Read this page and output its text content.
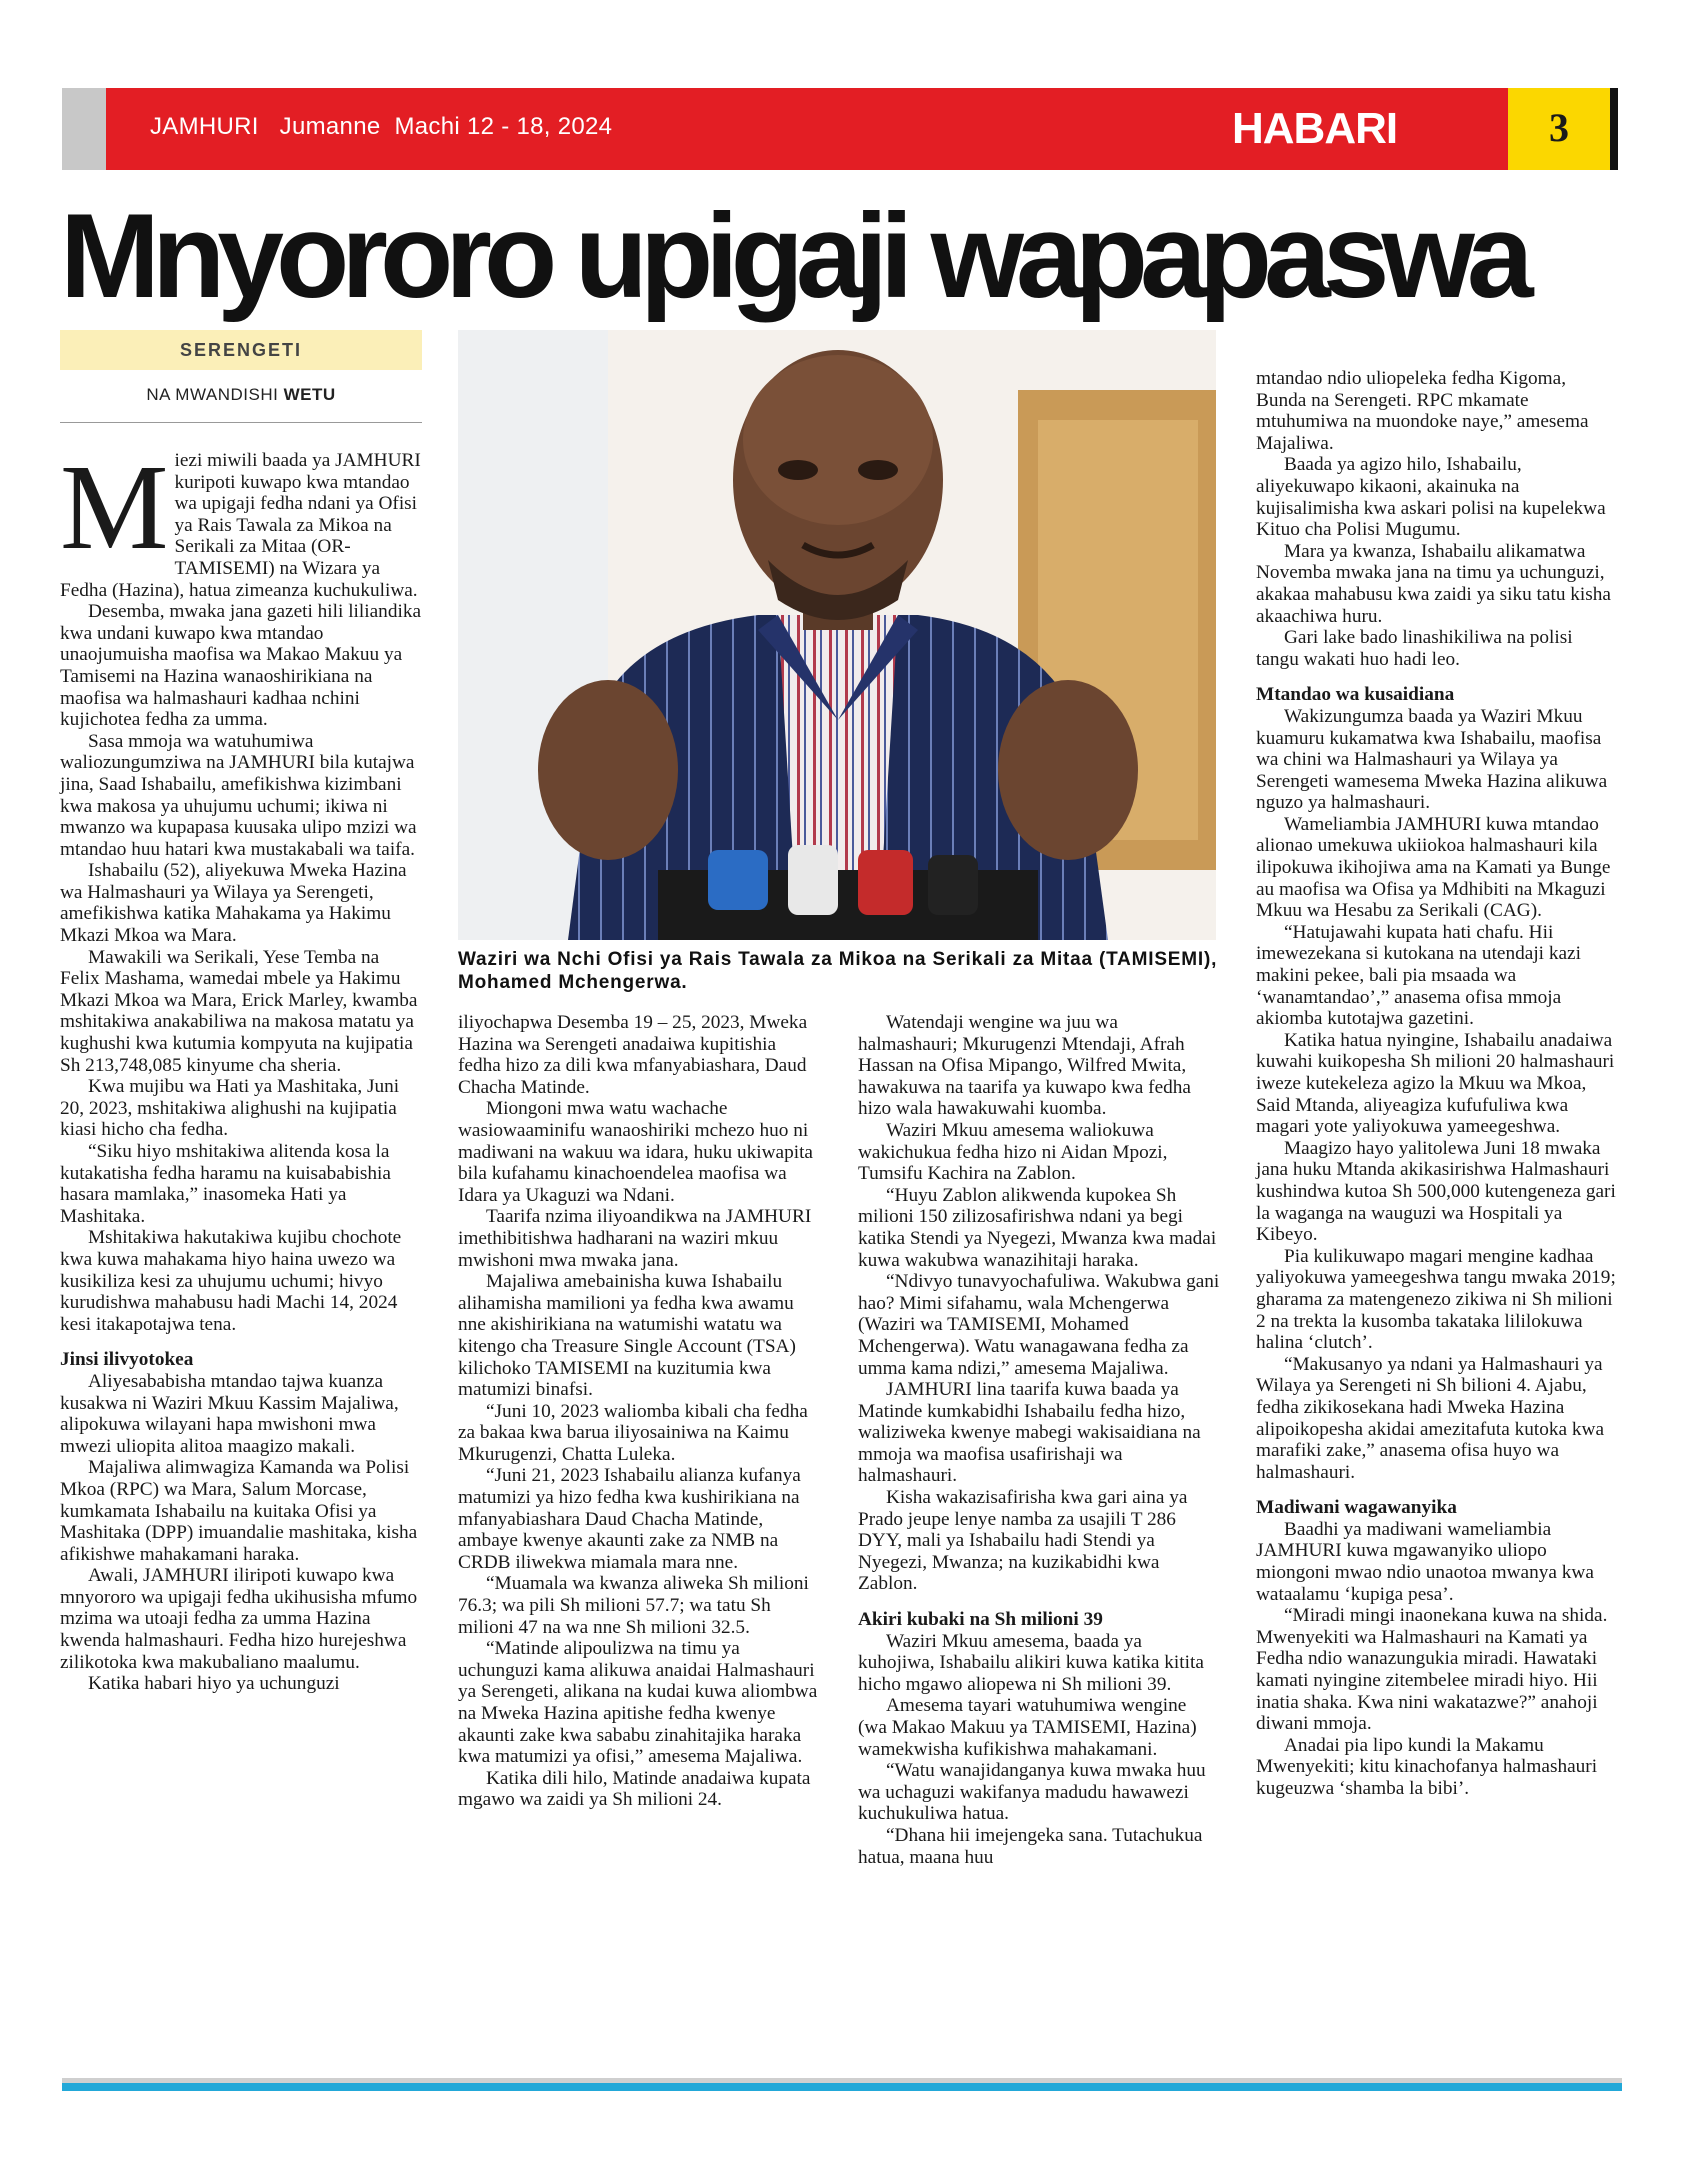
JAMHURI Jumanne Machi 12 - 18, 2024	HABARI	3
Mnyororo upigaji wapapaswa
SERENGETI
NA MWANDISHI WETU

Miezi miwili baada ya JAMHURI kuripoti kuwapo kwa mtandao wa upigaji fedha ndani ya Ofisi ya Rais Tawala za Mikoa na Serikali za Mitaa (OR-TAMISEMI) na Wizara ya Fedha (Hazina), hatua zimeanza kuchukuliwa.

Desemba, mwaka jana gazeti hili liliandika kwa undani kuwapo kwa mtandao unaojumuisha maofisa wa Makao Makuu ya Tamisemi na Hazina wanaoshirikiana na maofisa wa halmashauri kadhaa nchini kujichotea fedha za umma.

Sasa mmoja wa watuhumiwa waliozungumziwa na JAMHURI bila kutajwa jina, Saad Ishabailu, amefikishwa kizimbani kwa makosa ya uhujumu uchumi; ikiwa ni mwanzo wa kupapasa kuusaka ulipo mzizi wa mtandao huu hatari kwa mustakabali wa taifa.

Ishabailu (52), aliyekuwa Mweka Hazina wa Halmashauri ya Wilaya ya Serengeti, amefikishwa katika Mahakama ya Hakimu Mkazi Mkoa wa Mara.

Mawakili wa Serikali, Yese Temba na Felix Mashama, wamedai mbele ya Hakimu Mkazi Mkoa wa Mara, Erick Marley, kwamba mshitakiwa anakabiliwa na makosa matatu ya kughushi kwa kutumia kompyuta na kujipatia Sh 213,748,085 kinyume cha sheria.

Kwa mujibu wa Hati ya Mashitaka, Juni 20, 2023, mshitakiwa alighushi na kujipatia kiasi hicho cha fedha.

“Siku hiyo mshitakiwa alitenda kosa la kutakatisha fedha haramu na kuisababishia hasara mamlaka,” inasomeka Hati ya Mashitaka.

Mshitakiwa hakutakiwa kujibu chochote kwa kuwa mahakama hiyo haina uwezo wa kusikiliza kesi za uhujumu uchumi; hivyo kurudishwa mahabusu hadi Machi 14, 2024 kesi itakapotajwa tena.

Jinsi ilivyotokea

Aliyesababisha mtandao tajwa kuanza kusakwa ni Waziri Mkuu Kassim Majaliwa, alipokuwa wilayani hapa mwishoni mwa mwezi uliopita alitoa maagizo makali.

Majaliwa alimwagiza Kamanda wa Polisi Mkoa (RPC) wa Mara, Salum Morcase, kumkamata Ishabailu na kuitaka Ofisi ya Mashitaka (DPP) imuandalie mashitaka, kisha afikishwe mahakamani haraka.

Awali, JAMHURI iliripoti kuwapo kwa mnyororo wa upigaji fedha ukihusisha mfumo mzima wa utoaji fedha za umma Hazina kwenda halmashauri. Fedha hizo hurejeshwa zilikotoka kwa makubaliano maalumu.

Katika habari hiyo ya uchunguzi

Waziri wa Nchi Ofisi ya Rais Tawala za Mikoa na Serikali za Mitaa (TAMISEMI), Mohamed Mchengerwa.

iliyochapwa Desemba 19 – 25, 2023, Mweka Hazina wa Serengeti anadaiwa kupitishia fedha hizo za dili kwa mfanyabiashara, Daud Chacha Matinde.

Miongoni mwa watu wachache wasiowaaminifu wanaoshiriki mchezo huo ni madiwani na wakuu wa idara, huku ukiwapita bila kufahamu kinachoendelea maofisa wa Idara ya Ukaguzi wa Ndani.

Taarifa nzima iliyoandikwa na JAMHURI imethibitishwa hadharani na waziri mkuu mwishoni mwa mwaka jana.

Majaliwa amebainisha kuwa Ishabailu alihamisha mamilioni ya fedha kwa awamu nne akishirikiana na watumishi watatu wa kitengo cha Treasure Single Account (TSA) kilichoko TAMISEMI na kuzitumia kwa matumizi binafsi.

“Juni 10, 2023 waliomba kibali cha fedha za bakaa kwa barua iliyosainiwa na Kaimu Mkurugenzi, Chatta Luleka.

“Juni 21, 2023 Ishabailu alianza kufanya matumizi ya hizo fedha kwa kushirikiana na mfanyabiashara Daud Chacha Matinde, ambaye kwenye akaunti zake za NMB na CRDB iliwekwa miamala mara nne.

“Muamala wa kwanza aliweka Sh milioni 76.3; wa pili Sh milioni 57.7; wa tatu Sh milioni 47 na wa nne Sh milioni 32.5.

“Matinde alipoulizwa na timu ya uchunguzi kama alikuwa anaidai Halmashauri ya Serengeti, alikana na kudai kuwa aliombwa na Mweka Hazina apitishe fedha kwenye akaunti zake kwa sababu zinahitajika haraka kwa matumizi ya ofisi,” amesema Majaliwa.

Katika dili hilo, Matinde anadaiwa kupata mgawo wa zaidi ya Sh milioni 24.

Watendaji wengine wa juu wa halmashauri; Mkurugenzi Mtendaji, Afrah Hassan na Ofisa Mipango, Wilfred Mwita, hawakuwa na taarifa ya kuwapo kwa fedha hizo wala hawakuwahi kuomba.

Waziri Mkuu amesema waliokuwa wakichukua fedha hizo ni Aidan Mpozi, Tumsifu Kachira na Zablon.

“Huyu Zablon alikwenda kupokea Sh milioni 150 zilizosafirishwa ndani ya begi katika Stendi ya Nyegezi, Mwanza kwa madai kuwa wakubwa wanazihitaji haraka.

“Ndivyo tunavyochafuliwa. Wakubwa gani hao? Mimi sifahamu, wala Mchengerwa (Waziri wa TAMISEMI, Mohamed Mchengerwa). Watu wanagawana fedha za umma kama ndizi,” amesema Majaliwa.

JAMHURI lina taarifa kuwa baada ya Matinde kumkabidhi Ishabailu fedha hizo, waliziweka kwenye mabegi wakisaidiana na mmoja wa maofisa usafirishaji wa halmashauri.

Kisha wakazisafirisha kwa gari aina ya Prado jeupe lenye namba za usajili T 286 DYY, mali ya Ishabailu hadi Stendi ya Nyegezi, Mwanza; na kuzikabidhi kwa Zablon.

Akiri kubaki na Sh milioni 39

Waziri Mkuu amesema, baada ya kuhojiwa, Ishabailu alikiri kuwa katika kitita hicho mgawo aliopewa ni Sh milioni 39.

Amesema tayari watuhumiwa wengine (wa Makao Makuu ya TAMISEMI, Hazina) wamekwisha kufikishwa mahakamani.

“Watu wanajidanganya kuwa mwaka huu wa uchaguzi wakifanya madudu hawawezi kuchukuliwa hatua.

“Dhana hii imejengeka sana. Tutachukua hatua, maana huu

mtandao ndio uliopeleka fedha Kigoma, Bunda na Serengeti. RPC mkamate mtuhumiwa na muondoke naye,” amesema Majaliwa.

Baada ya agizo hilo, Ishabailu, aliyekuwapo kikaoni, akainuka na kujisalimisha kwa askari polisi na kupelekwa Kituo cha Polisi Mugumu.

Mara ya kwanza, Ishabailu alikamatwa Novemba mwaka jana na timu ya uchunguzi, akakaa mahabusu kwa zaidi ya siku tatu kisha akaachiwa huru.

Gari lake bado linashikiliwa na polisi tangu wakati huo hadi leo.

Mtandao wa kusaidiana

Wakizungumza baada ya Waziri Mkuu kuamuru kukamatwa kwa Ishabailu, maofisa wa chini wa Halmashauri ya Wilaya ya Serengeti wamesema Mweka Hazina alikuwa nguzo ya halmashauri.

Wameliambia JAMHURI kuwa mtandao alionao umekuwa ukiiokoa halmashauri kila ilipokuwa ikihojiwa ama na Kamati ya Bunge au maofisa wa Ofisa ya Mdhibiti na Mkaguzi Mkuu wa Hesabu za Serikali (CAG).

“Hatujawahi kupata hati chafu. Hii imewezekana si kutokana na utendaji kazi makini pekee, bali pia msaada wa ‘wanamtandao’,” anasema ofisa mmoja akiomba kutotajwa gazetini.

Katika hatua nyingine, Ishabailu anadaiwa kuwahi kuikopesha Sh milioni 20 halmashauri iweze kutekeleza agizo la Mkuu wa Mkoa, Said Mtanda, aliyeagiza kufufuliwa kwa magari yote yaliyokuwa yameegeshwa.

Maagizo hayo yalitolewa Juni 18 mwaka jana huku Mtanda akikasirishwa Halmashauri kushindwa kutoa Sh 500,000 kutengeneza gari la waganga na wauguzi wa Hospitali ya Kibeyo.

Pia kulikuwapo magari mengine kadhaa yaliyokuwa yameegeshwa tangu mwaka 2019; gharama za matengenezo zikiwa ni Sh milioni 2 na trekta la kusomba takataka lililokuwa halina ‘clutch’.

“Makusanyo ya ndani ya Halmashauri ya Wilaya ya Serengeti ni Sh bilioni 4. Ajabu, fedha zikikosekana hadi Mweka Hazina alipoikopesha akidai amezitafuta kutoka kwa marafiki zake,” anasema ofisa huyo wa halmashauri.

Madiwani wagawanyika

Baadhi ya madiwani wameliambia JAMHURI kuwa mgawanyiko uliopo miongoni mwao ndio unaotoa mwanya kwa wataalamu ‘kupiga pesa’.

“Miradi mingi inaonekana kuwa na shida. Mwenyekiti wa Halmashauri na Kamati ya Fedha ndio wanazungukia miradi. Hawataki kamati nyingine zitembelee miradi hiyo. Hii inatia shaka. Kwa nini wakatazwe?” anahoji diwani mmoja.

Anadai pia lipo kundi la Makamu Mwenyekiti; kitu kinachofanya halmashauri kugeuzwa ‘shamba la bibi’.
